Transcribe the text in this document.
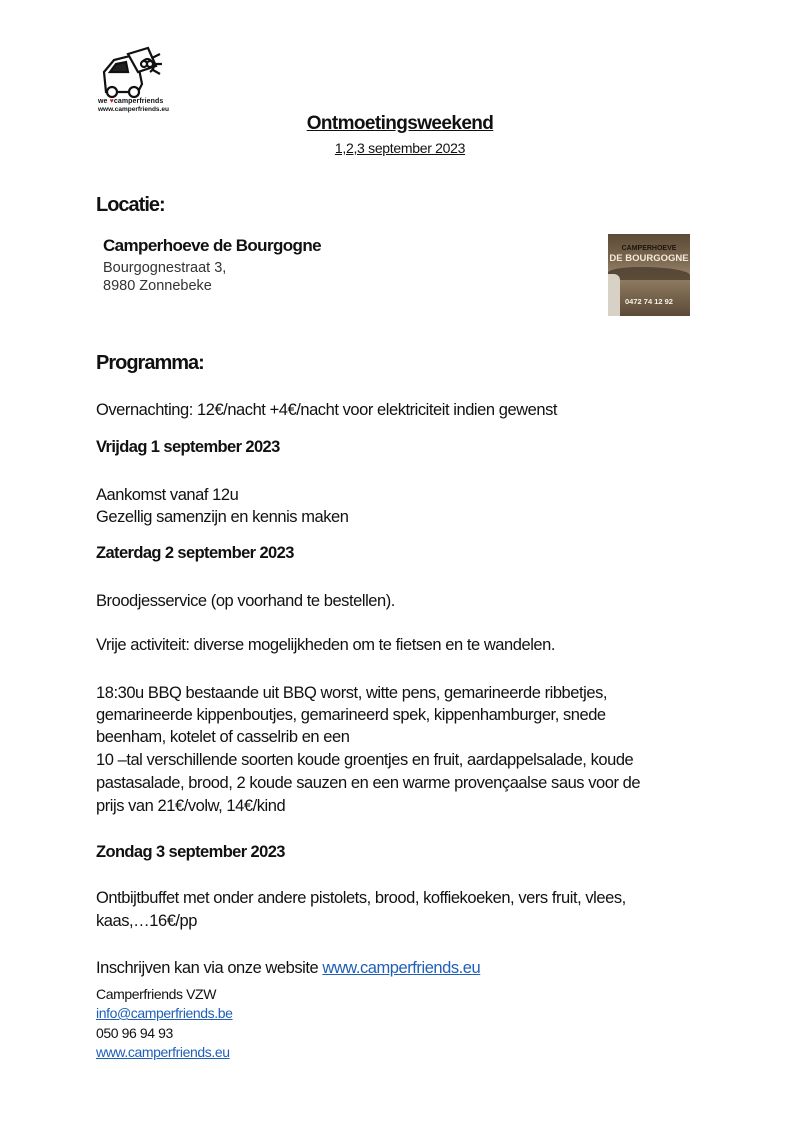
we ♥camperfriends
www.camperfriends.eu
Ontmoetingsweekend
1,2,3 september 2023
Locatie:
Camperhoeve de Bourgogne
Bourgognestraat 3,
8980 Zonnebeke
CAMPERHOEVE
DE BOURGOGNE
0472 74 12 92
Programma:
Overnachting: 12€/nacht +4€/nacht voor elektriciteit indien gewenst
Vrijdag 1 september 2023
Aankomst vanaf 12u
Gezellig samenzijn en kennis maken
Zaterdag 2 september 2023
Broodjesservice (op voorhand te bestellen).
Vrije activiteit: diverse mogelijkheden om te fietsen en te wandelen.
18:30u BBQ bestaande uit BBQ worst, witte pens, gemarineerde ribbetjes,
gemarineerde kippenboutjes, gemarineerd spek, kippenhamburger, snede
beenham, kotelet of casselrib en een
10 –tal verschillende soorten koude groentjes en fruit, aardappelsalade, koude
pastasalade, brood, 2 koude sauzen en een warme provençaalse saus voor de
prijs van 21€/volw, 14€/kind
Zondag 3 september 2023
Ontbijtbuffet met onder andere pistolets, brood, koffiekoeken, vers fruit, vlees,
kaas,…16€/pp
Inschrijven kan via onze website www.camperfriends.eu
Camperfriends VZW
info@camperfriends.be
050 96 94 93
www.camperfriends.eu
